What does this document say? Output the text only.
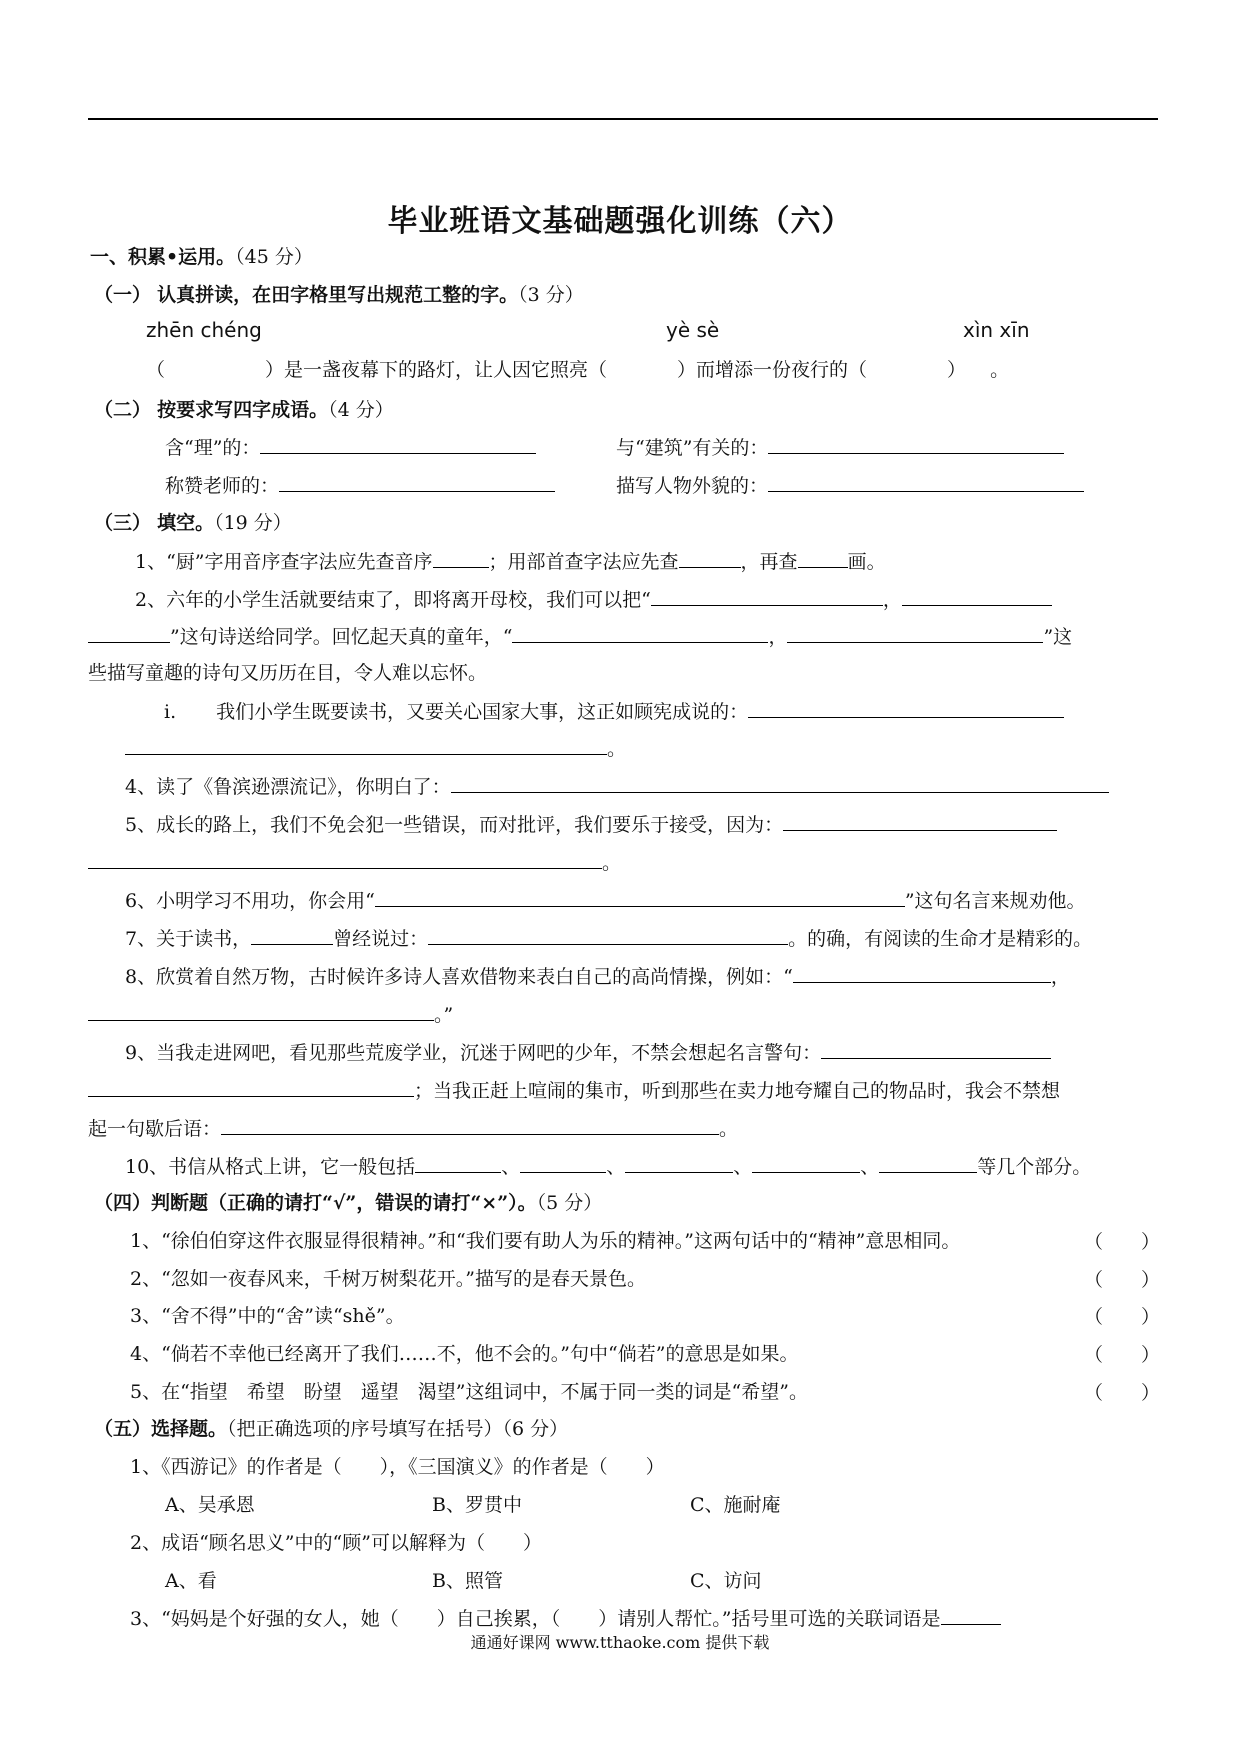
毕业班语文基础题强化训练（六）
一、积累•运用。（45 分）
（一） 认真拼读，在田字格里写出规范工整的字。（3 分）
zhēn chéng	yè sè	xìn xīn
（	）是一盏夜幕下的路灯，让人因它照亮（	）而增添一份夜行的（	） 。
（二） 按要求写四字成语。（4 分）
含“理”的：	与“建筑”有关的：
称赞老师的：	描写人物外貌的：
（三） 填空。（19 分）
1、“厨”字用音序查字法应先查音序	；用部首查字法应先查	，再查	画。
2、六年的小学生活就要结束了，即将离开母校，我们可以把“	，
”这句诗送给同学。回忆起天真的童年，“	，	”这
些描写童趣的诗句又历历在目，令人难以忘怀。
i. 我们小学生既要读书，又要关心国家大事，这正如顾宪成说的：
。
4、读了《鲁滨逊漂流记》，你明白了：
5、成长的路上，我们不免会犯一些错误，而对批评，我们要乐于接受，因为：
。
6、小明学习不用功，你会用“	”这句名言来规劝他。
7、关于读书，	曾经说过：	。的确，有阅读的生命才是精彩的。
8、欣赏着自然万物，古时候许多诗人喜欢借物来表白自己的高尚情操，例如：“	，
。”
9、当我走进网吧，看见那些荒废学业，沉迷于网吧的少年，不禁会想起名言警句：
；当我正赶上喧闹的集市，听到那些在卖力地夸耀自己的物品时，我会不禁想
起一句歇后语：	。
10、书信从格式上讲，它一般包括	、	、	、	、	等几个部分。
（四）判断题（正确的请打“√”，错误的请打“×”）。（5 分）
1、“徐伯伯穿这件衣服显得很精神。”和“我们要有助人为乐的精神。”这两句话中的“精神”意思相同。	（　　）
2、“忽如一夜春风来，千树万树梨花开。”描写的是春天景色。	（　　）
3、“舍不得”中的“舍”读“shě”。	（　　）
4、“倘若不幸他已经离开了我们……不，他不会的。”句中“倘若”的意思是如果。	（　　）
5、在“指望　希望　盼望　遥望　渴望”这组词中，不属于同一类的词是“希望”。	（　　）
（五）选择题。（把正确选项的序号填写在括号）（6 分）
1、《西游记》的作者是（　　），《三国演义》的作者是（　　）
A、吴承恩	B、罗贯中	C、施耐庵
2、成语“顾名思义”中的“顾”可以解释为（　　）
A、看	B、照管	C、访问
3、“妈妈是个好强的女人，她（　　）自己挨累，（　　）请别人帮忙。”括号里可选的关联词语是
通通好课网 www.tthaoke.com 提供下载
